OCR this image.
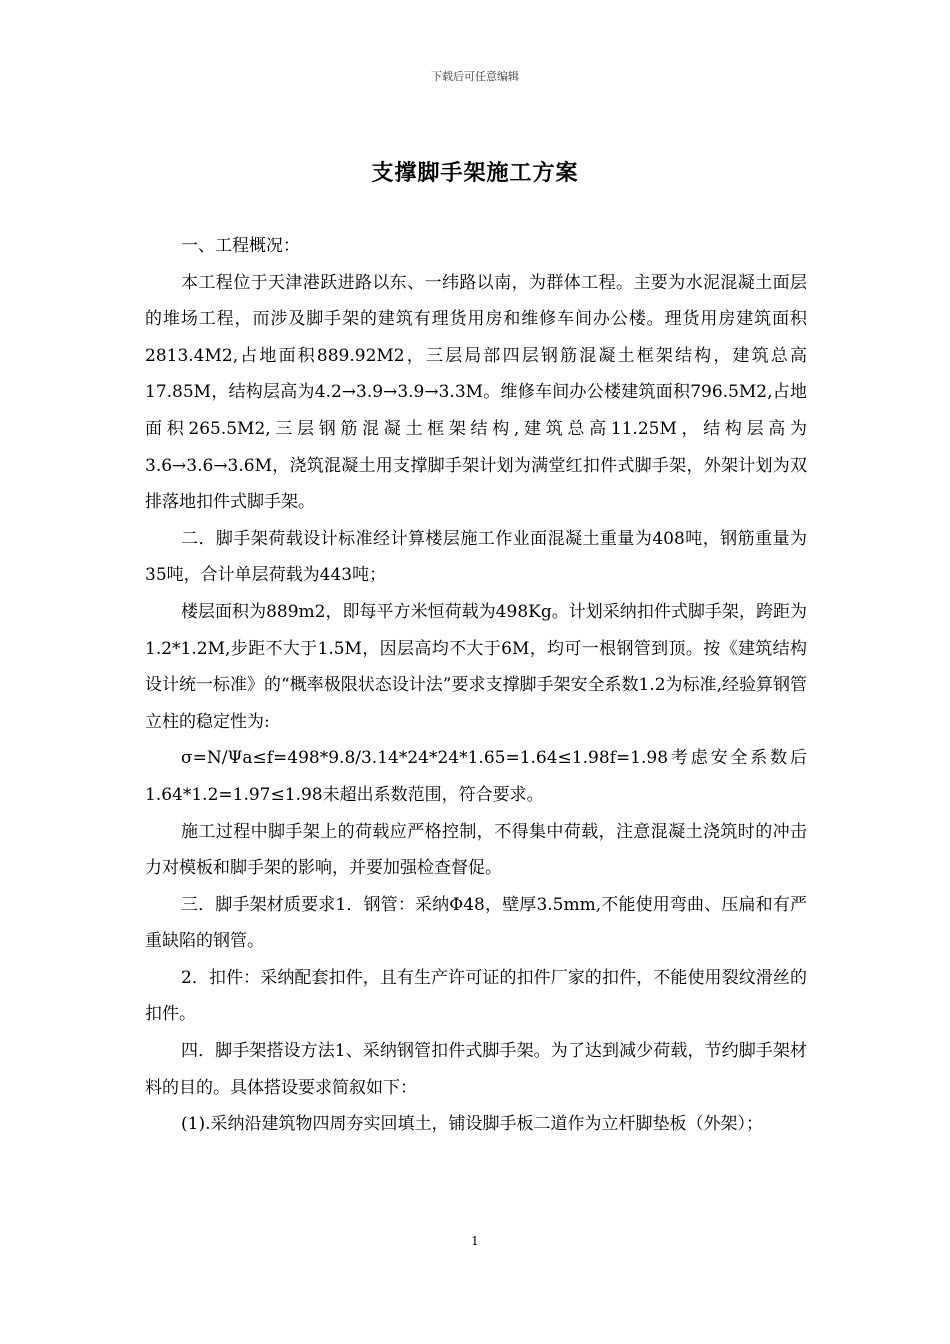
下载后可任意编辑
支撑脚手架施工方案

一、工程概况：

本工程位于天津港跃进路以东、一纬路以南，为群体工程。主要为水泥混凝土面层的堆场工程，而涉及脚手架的建筑有理货用房和维修车间办公楼。理货用房建筑面积2813.4M2,占地面积889.92M2，三层局部四层钢筋混凝土框架结构，建筑总高17.85M，结构层高为4.2→3.9→3.9→3.3M。维修车间办公楼建筑面积796.5M2,占地面积265.5M2,三层钢筋混凝土框架结构,建筑总高11.25M，结构层高为3.6→3.6→3.6M，浇筑混凝土用支撑脚手架计划为满堂红扣件式脚手架，外架计划为双排落地扣件式脚手架。

二．脚手架荷载设计标准经计算楼层施工作业面混凝土重量为408吨，钢筋重量为35吨，合计单层荷载为443吨；

楼层面积为889m2，即每平方米恒荷载为498Kg。计划采纳扣件式脚手架，跨距为1.2*1.2M,步距不大于1.5M，因层高均不大于6M，均可一根钢管到顶。按《建筑结构设计统一标准》的“概率极限状态设计法”要求支撑脚手架安全系数1.2为标准,经验算钢管立柱的稳定性为:

σ=N/Ψa≤f=498*9.8/3.14*24*24*1.65=1.64≤1.98f=1.98考虑安全系数后1.64*1.2=1.97≤1.98未超出系数范围，符合要求。

施工过程中脚手架上的荷载应严格控制，不得集中荷载，注意混凝土浇筑时的冲击力对模板和脚手架的影响，并要加强检查督促。

三．脚手架材质要求1．钢管：采纳Φ48，壁厚3.5mm,不能使用弯曲、压扁和有严重缺陷的钢管。

2．扣件：采纳配套扣件，且有生产许可证的扣件厂家的扣件，不能使用裂纹滑丝的扣件。

四．脚手架搭设方法1、采纳钢管扣件式脚手架。为了达到减少荷载，节约脚手架材料的目的。具体搭设要求简叙如下：

(1).采纳沿建筑物四周夯实回填土，铺设脚手板二道作为立杆脚垫板（外架）；

1
